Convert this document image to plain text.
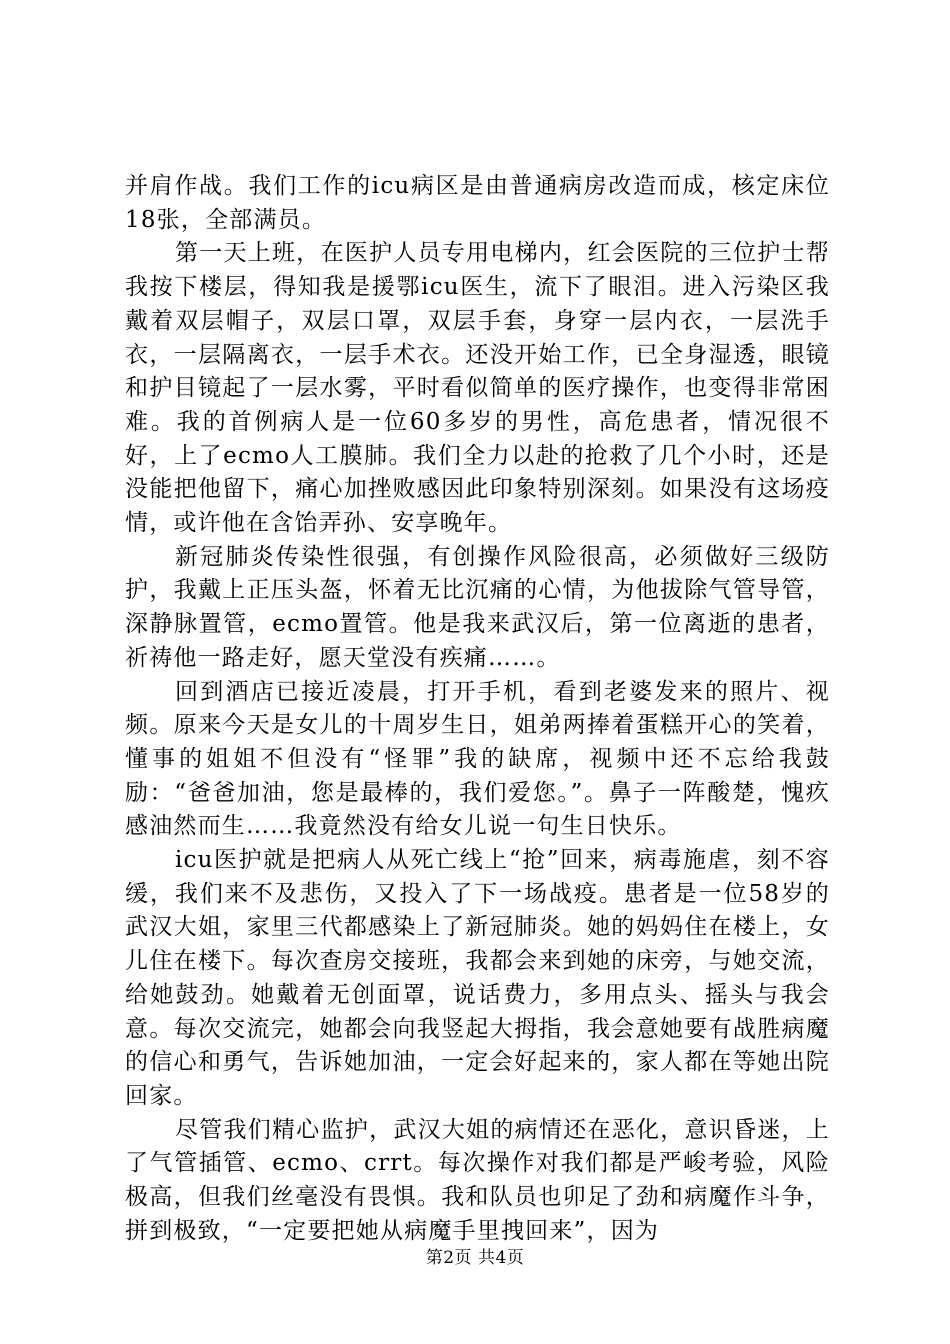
并肩作战。我们工作的icu病区是由普通病房改造而成，核定床位18张，全部满员。

第一天上班，在医护人员专用电梯内，红会医院的三位护士帮我按下楼层，得知我是援鄂icu医生，流下了眼泪。进入污染区我戴着双层帽子，双层口罩，双层手套，身穿一层内衣，一层洗手衣，一层隔离衣，一层手术衣。还没开始工作，已全身湿透，眼镜和护目镜起了一层水雾，平时看似简单的医疗操作，也变得非常困难。我的首例病人是一位60多岁的男性，高危患者，情况很不好，上了ecmo人工膜肺。我们全力以赴的抢救了几个小时，还是没能把他留下，痛心加挫败感因此印象特别深刻。如果没有这场疫情，或许他在含饴弄孙、安享晚年。

新冠肺炎传染性很强，有创操作风险很高，必须做好三级防护，我戴上正压头盔，怀着无比沉痛的心情，为他拔除气管导管，深静脉置管，ecmo置管。他是我来武汉后，第一位离逝的患者，祈祷他一路走好，愿天堂没有疾痛……。

回到酒店已接近凌晨，打开手机，看到老婆发来的照片、视频。原来今天是女儿的十周岁生日，姐弟两捧着蛋糕开心的笑着，懂事的姐姐不但没有“怪罪”我的缺席，视频中还不忘给我鼓励：“爸爸加油，您是最棒的，我们爱您。”。鼻子一阵酸楚，愧疚感油然而生……我竟然没有给女儿说一句生日快乐。

icu医护就是把病人从死亡线上“抢”回来，病毒施虐，刻不容缓，我们来不及悲伤，又投入了下一场战疫。患者是一位58岁的武汉大姐，家里三代都感染上了新冠肺炎。她的妈妈住在楼上，女儿住在楼下。每次查房交接班，我都会来到她的床旁，与她交流，给她鼓劲。她戴着无创面罩，说话费力，多用点头、摇头与我会意。每次交流完，她都会向我竖起大拇指，我会意她要有战胜病魔的信心和勇气，告诉她加油，一定会好起来的，家人都在等她出院回家。

尽管我们精心监护，武汉大姐的病情还在恶化，意识昏迷，上了气管插管、ecmo、crrt。每次操作对我们都是严峻考验，风险极高，但我们丝毫没有畏惧。我和队员也卯足了劲和病魔作斗争，拼到极致，“一定要把她从病魔手里拽回来”，因为

第2页 共4页
